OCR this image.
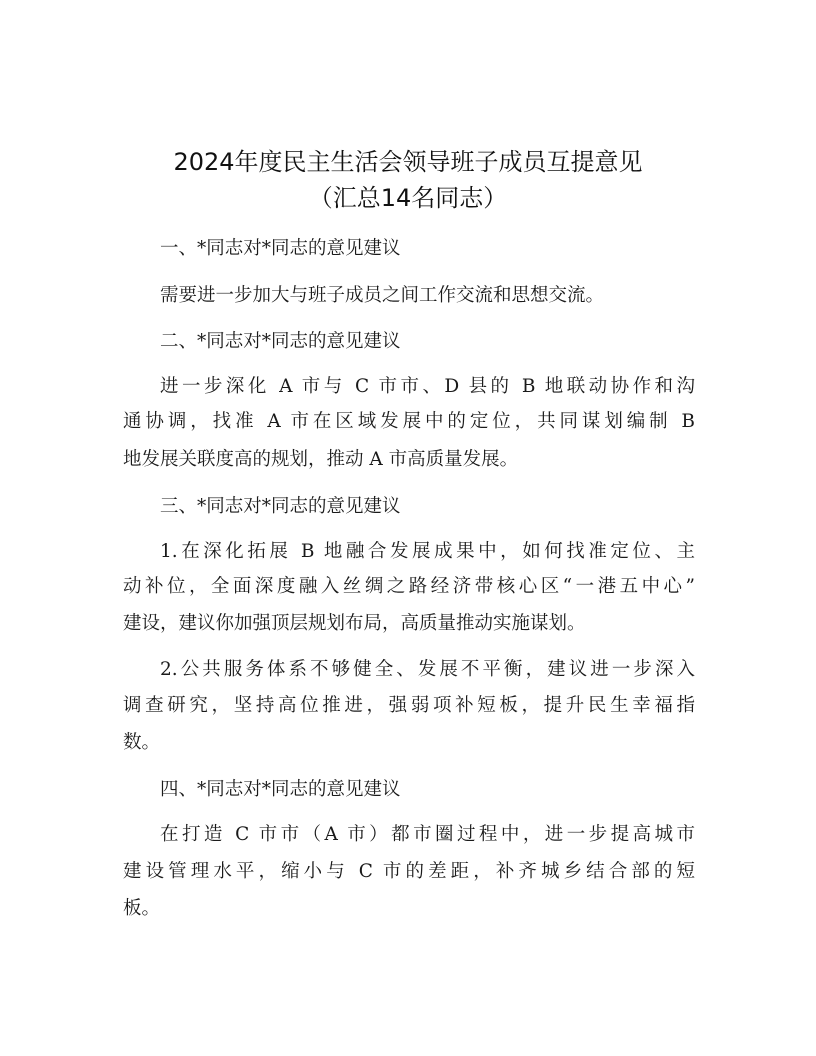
2024年度民主生活会领导班子成员互提意见
（汇总14名同志）
一、*同志对*同志的意见建议
需要进一步加大与班子成员之间工作交流和思想交流。
二、*同志对*同志的意见建议
进一步深化 A 市与 C 市市、D 县的 B 地联动协作和沟
通协调，找准 A 市在区域发展中的定位，共同谋划编制 B
地发展关联度高的规划，推动 A 市高质量发展。
三、*同志对*同志的意见建议
1.在深化拓展 B 地融合发展成果中，如何找准定位、主
动补位，全面深度融入丝绸之路经济带核心区“一港五中心”
建设，建议你加强顶层规划布局，高质量推动实施谋划。
2.公共服务体系不够健全、发展不平衡，建议进一步深入
调查研究，坚持高位推进，强弱项补短板，提升民生幸福指
数。
四、*同志对*同志的意见建议
在打造 C 市市（A 市）都市圈过程中，进一步提高城市
建设管理水平，缩小与 C 市的差距，补齐城乡结合部的短
板。
